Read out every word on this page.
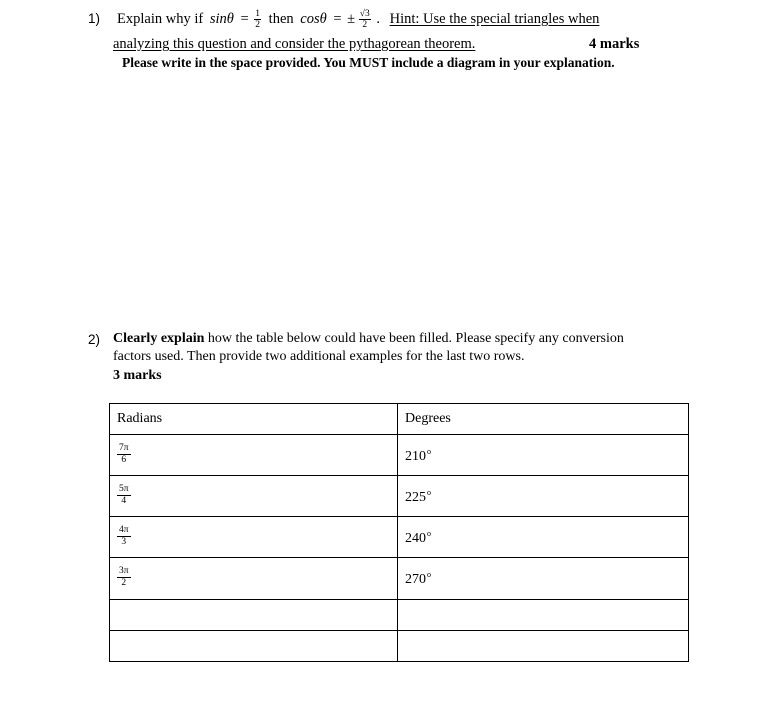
1) Explain why if $\sin\theta = \frac{1}{2}$ then cosθ = ± $\frac{√3}{2}$ . Hint: Use the special triangles when
analyzing this question and consider the pythagorean theorem.	4 marks
Please write in the space provided. You MUST include a diagram in your explanation.
2) Clearly explain how the table below could have been filled. Please specify any conversion
factors used. Then provide two additional examples for the last two rows.
3 marks
Radians	Degrees

$\frac{7\pi}{6}$	210$^o$

$\frac{5\pi}{4}$	225$^o$

$\frac{4\pi}{3}$	240$^o$

$\frac{3\pi}{2}$	270$^o$
